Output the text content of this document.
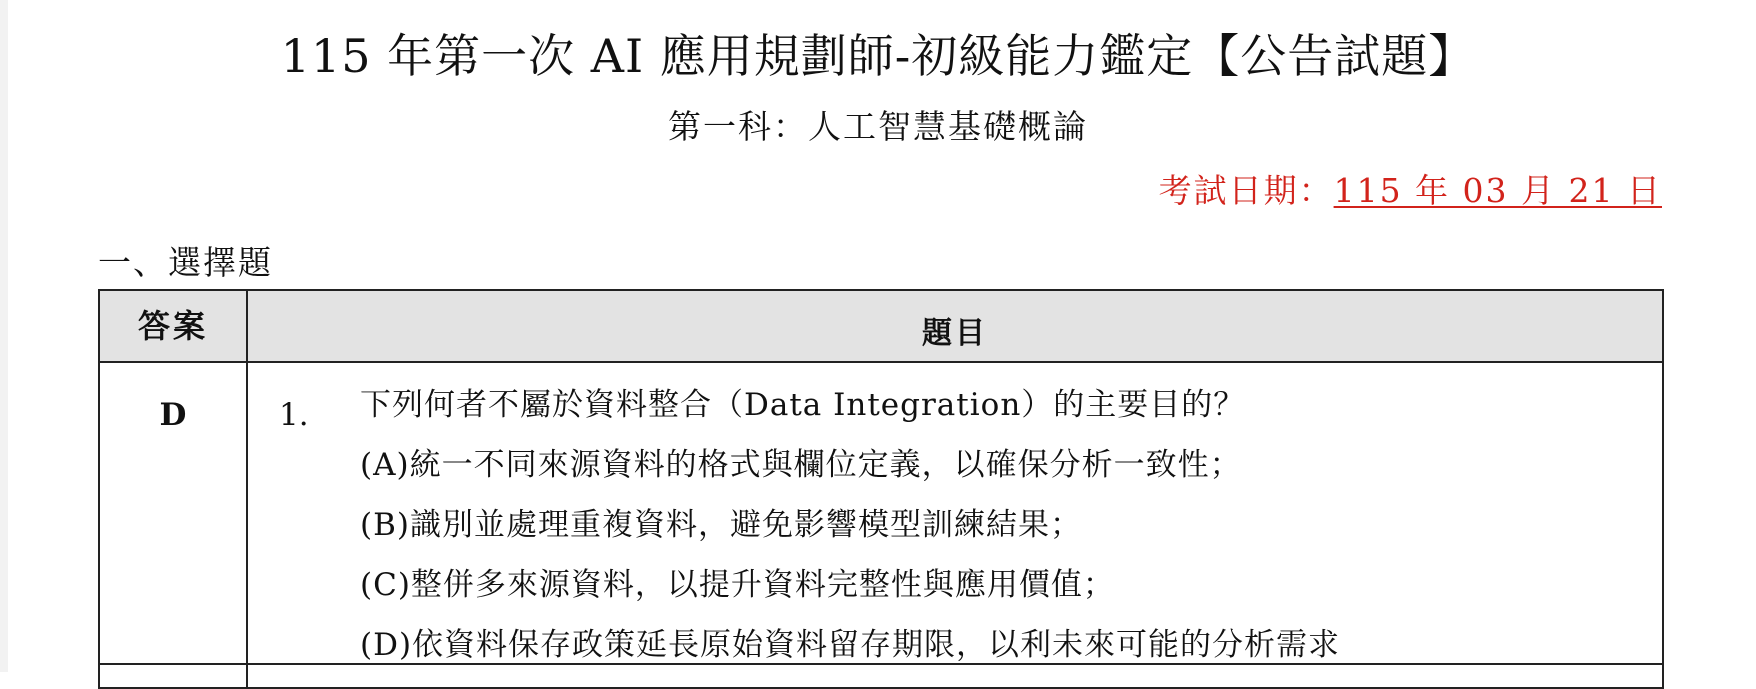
115 年第一次 AI 應用規劃師-初級能力鑑定【公告試題】
第一科：人工智慧基礎概論
考試日期：115 年 03 月 21 日
一、選擇題
答案	題目
D	1. 下列何者不屬於資料整合（Data Integration）的主要目的？
(A)統一不同來源資料的格式與欄位定義，以確保分析一致性；
(B)識別並處理重複資料，避免影響模型訓練結果；
(C)整併多來源資料，以提升資料完整性與應用價值；
(D)依資料保存政策延長原始資料留存期限，以利未來可能的分析需求
